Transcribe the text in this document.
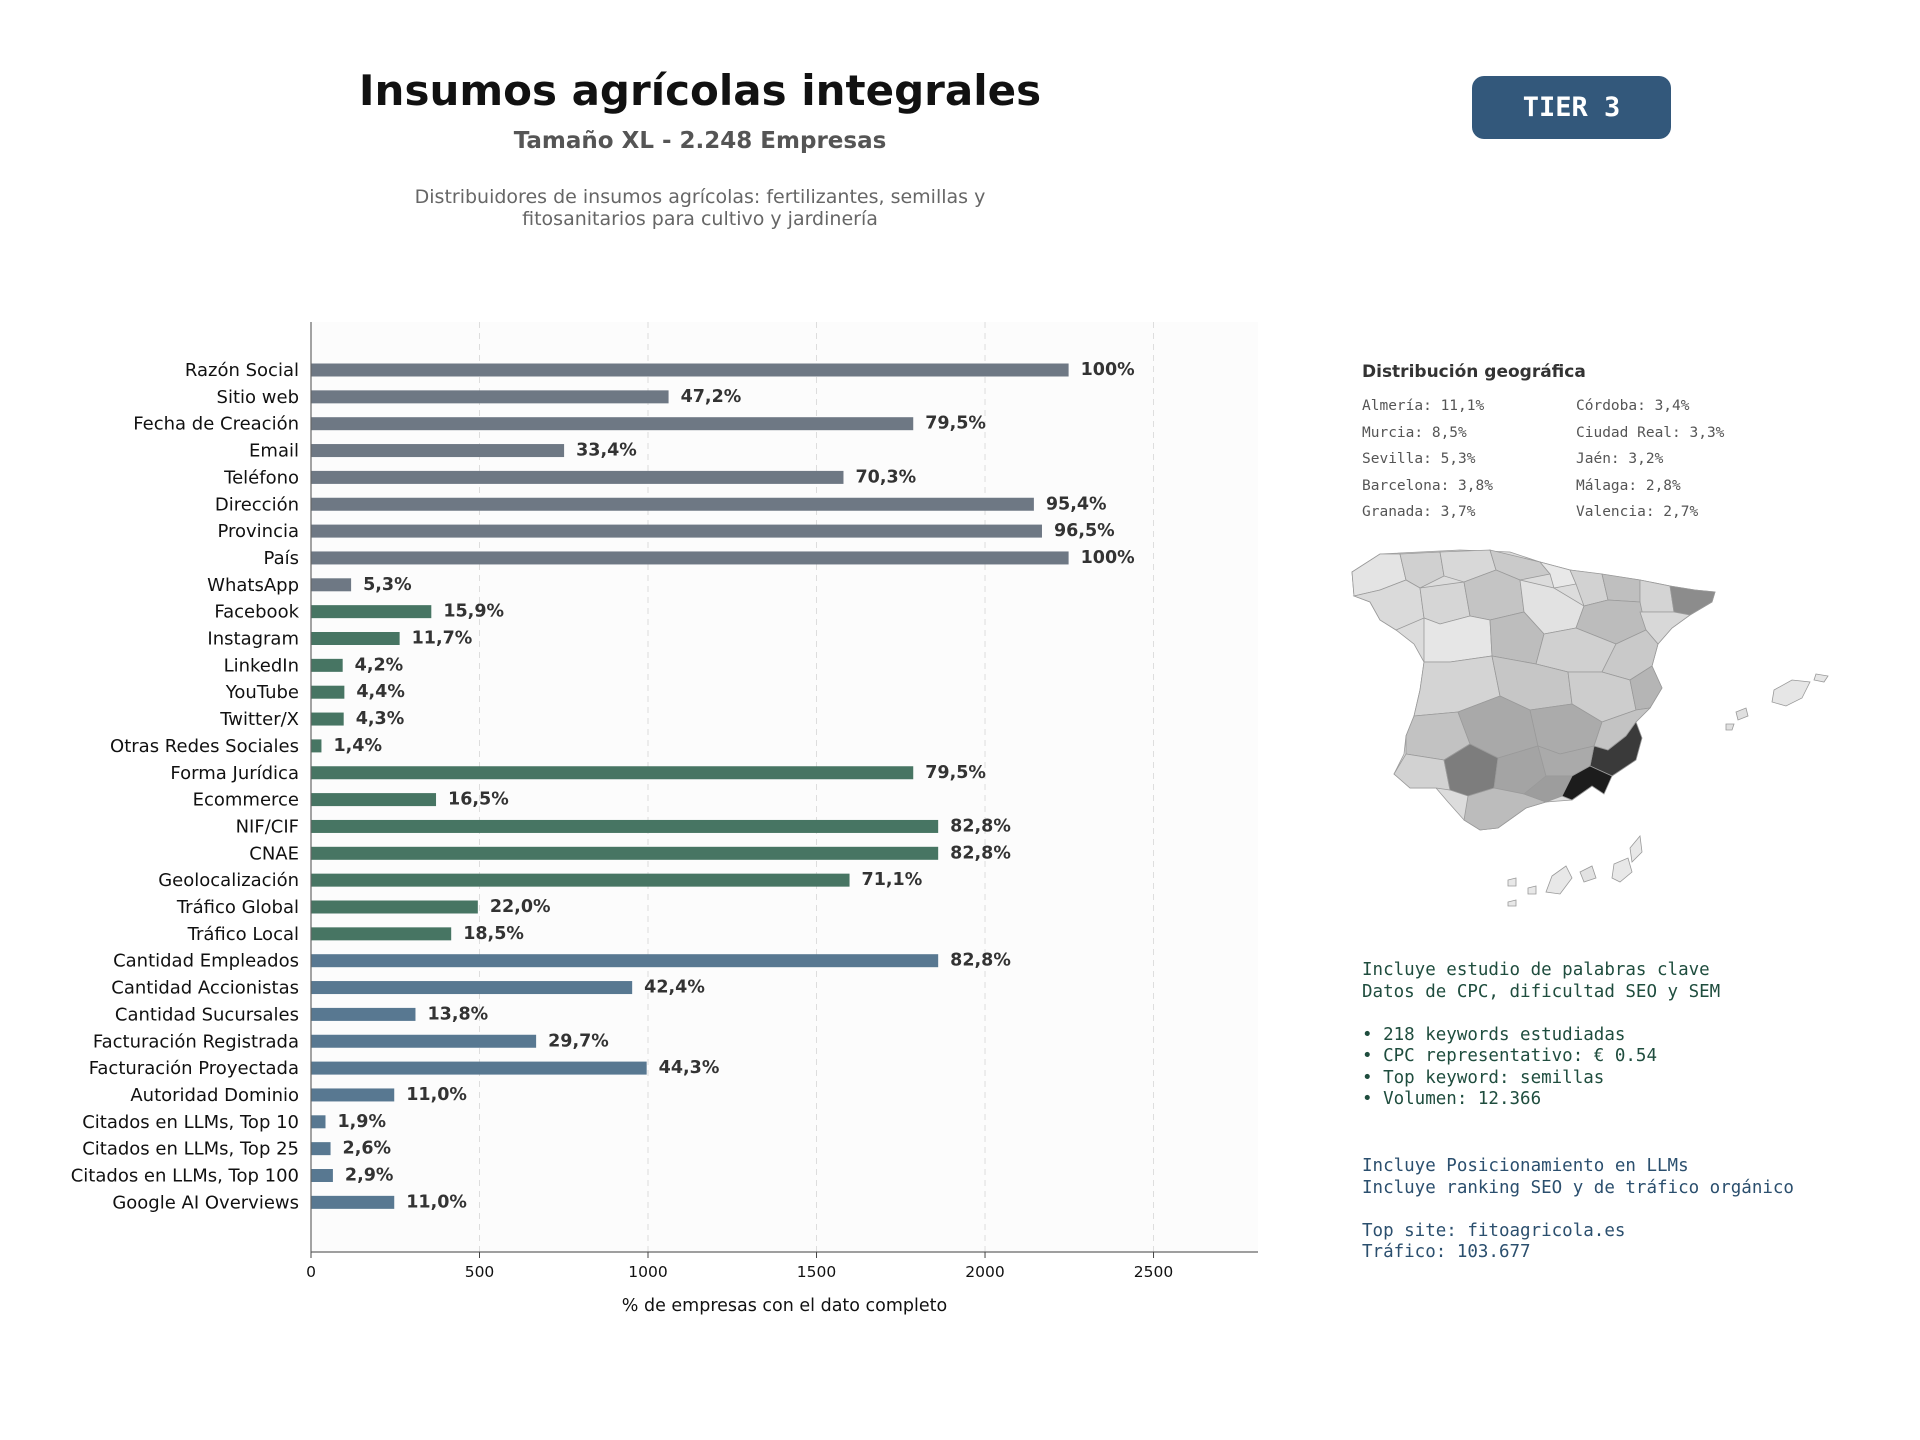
Insumos agrícolas integrales
Tamaño XL - 2.248 Empresas
Distribuidores de insumos agrícolas: fertilizantes, semillas y
fitosanitarios para cultivo y jardinería
TIER 3
Razón Social	100%
Sitio web	47,2%
Fecha de Creación	79,5%
Email	33,4%
Teléfono	70,3%
Dirección	95,4%
Provincia	96,5%
País	100%
WhatsApp	5,3%
Facebook	15,9%
Instagram	11,7%
LinkedIn	4,2%
YouTube	4,4%
Twitter/X	4,3%
Otras Redes Sociales 1,4%
Forma Jurídica	79,5%
Ecommerce	16,5%
NIF/CIF	82,8%
CNAE	82,8%
Geolocalización	71,1%
Tráfico Global	22,0%
Tráfico Local	18,5%
Cantidad Empleados	82,8%
Cantidad Accionistas	42,4%
Cantidad Sucursales	13,8%
Facturación Registrada	29,7%
Facturación Proyectada	44,3%
Autoridad Dominio	11,0%
Citados en LLMs, Top 10 1,9%
Citados en LLMs, Top 25 2,6%
Citados en LLMs, Top 100	2,9%
Google AI Overviews	11,0%
0	500	1000	1500	2000	2500
% de empresas con el dato completo
Distribución geográfica
Almería: 11,1%
Murcia: 8,5%
Sevilla: 5,3%
Barcelona: 3,8%
Granada: 3,7%
Córdoba: 3,4%
Ciudad Real: 3,3%
Jaén: 3,2%
Málaga: 2,8%
Valencia: 2,7%
Incluye estudio de palabras clave
Datos de CPC, dificultad SEO y SEM
• 218 keywords estudiadas
• CPC representativo: € 0.54
• Top keyword: semillas
• Volumen: 12.366
Incluye Posicionamiento en LLMs
Incluye ranking SEO y de tráfico orgánico
Top site: fitoagricola.es
Tráfico: 103.677
